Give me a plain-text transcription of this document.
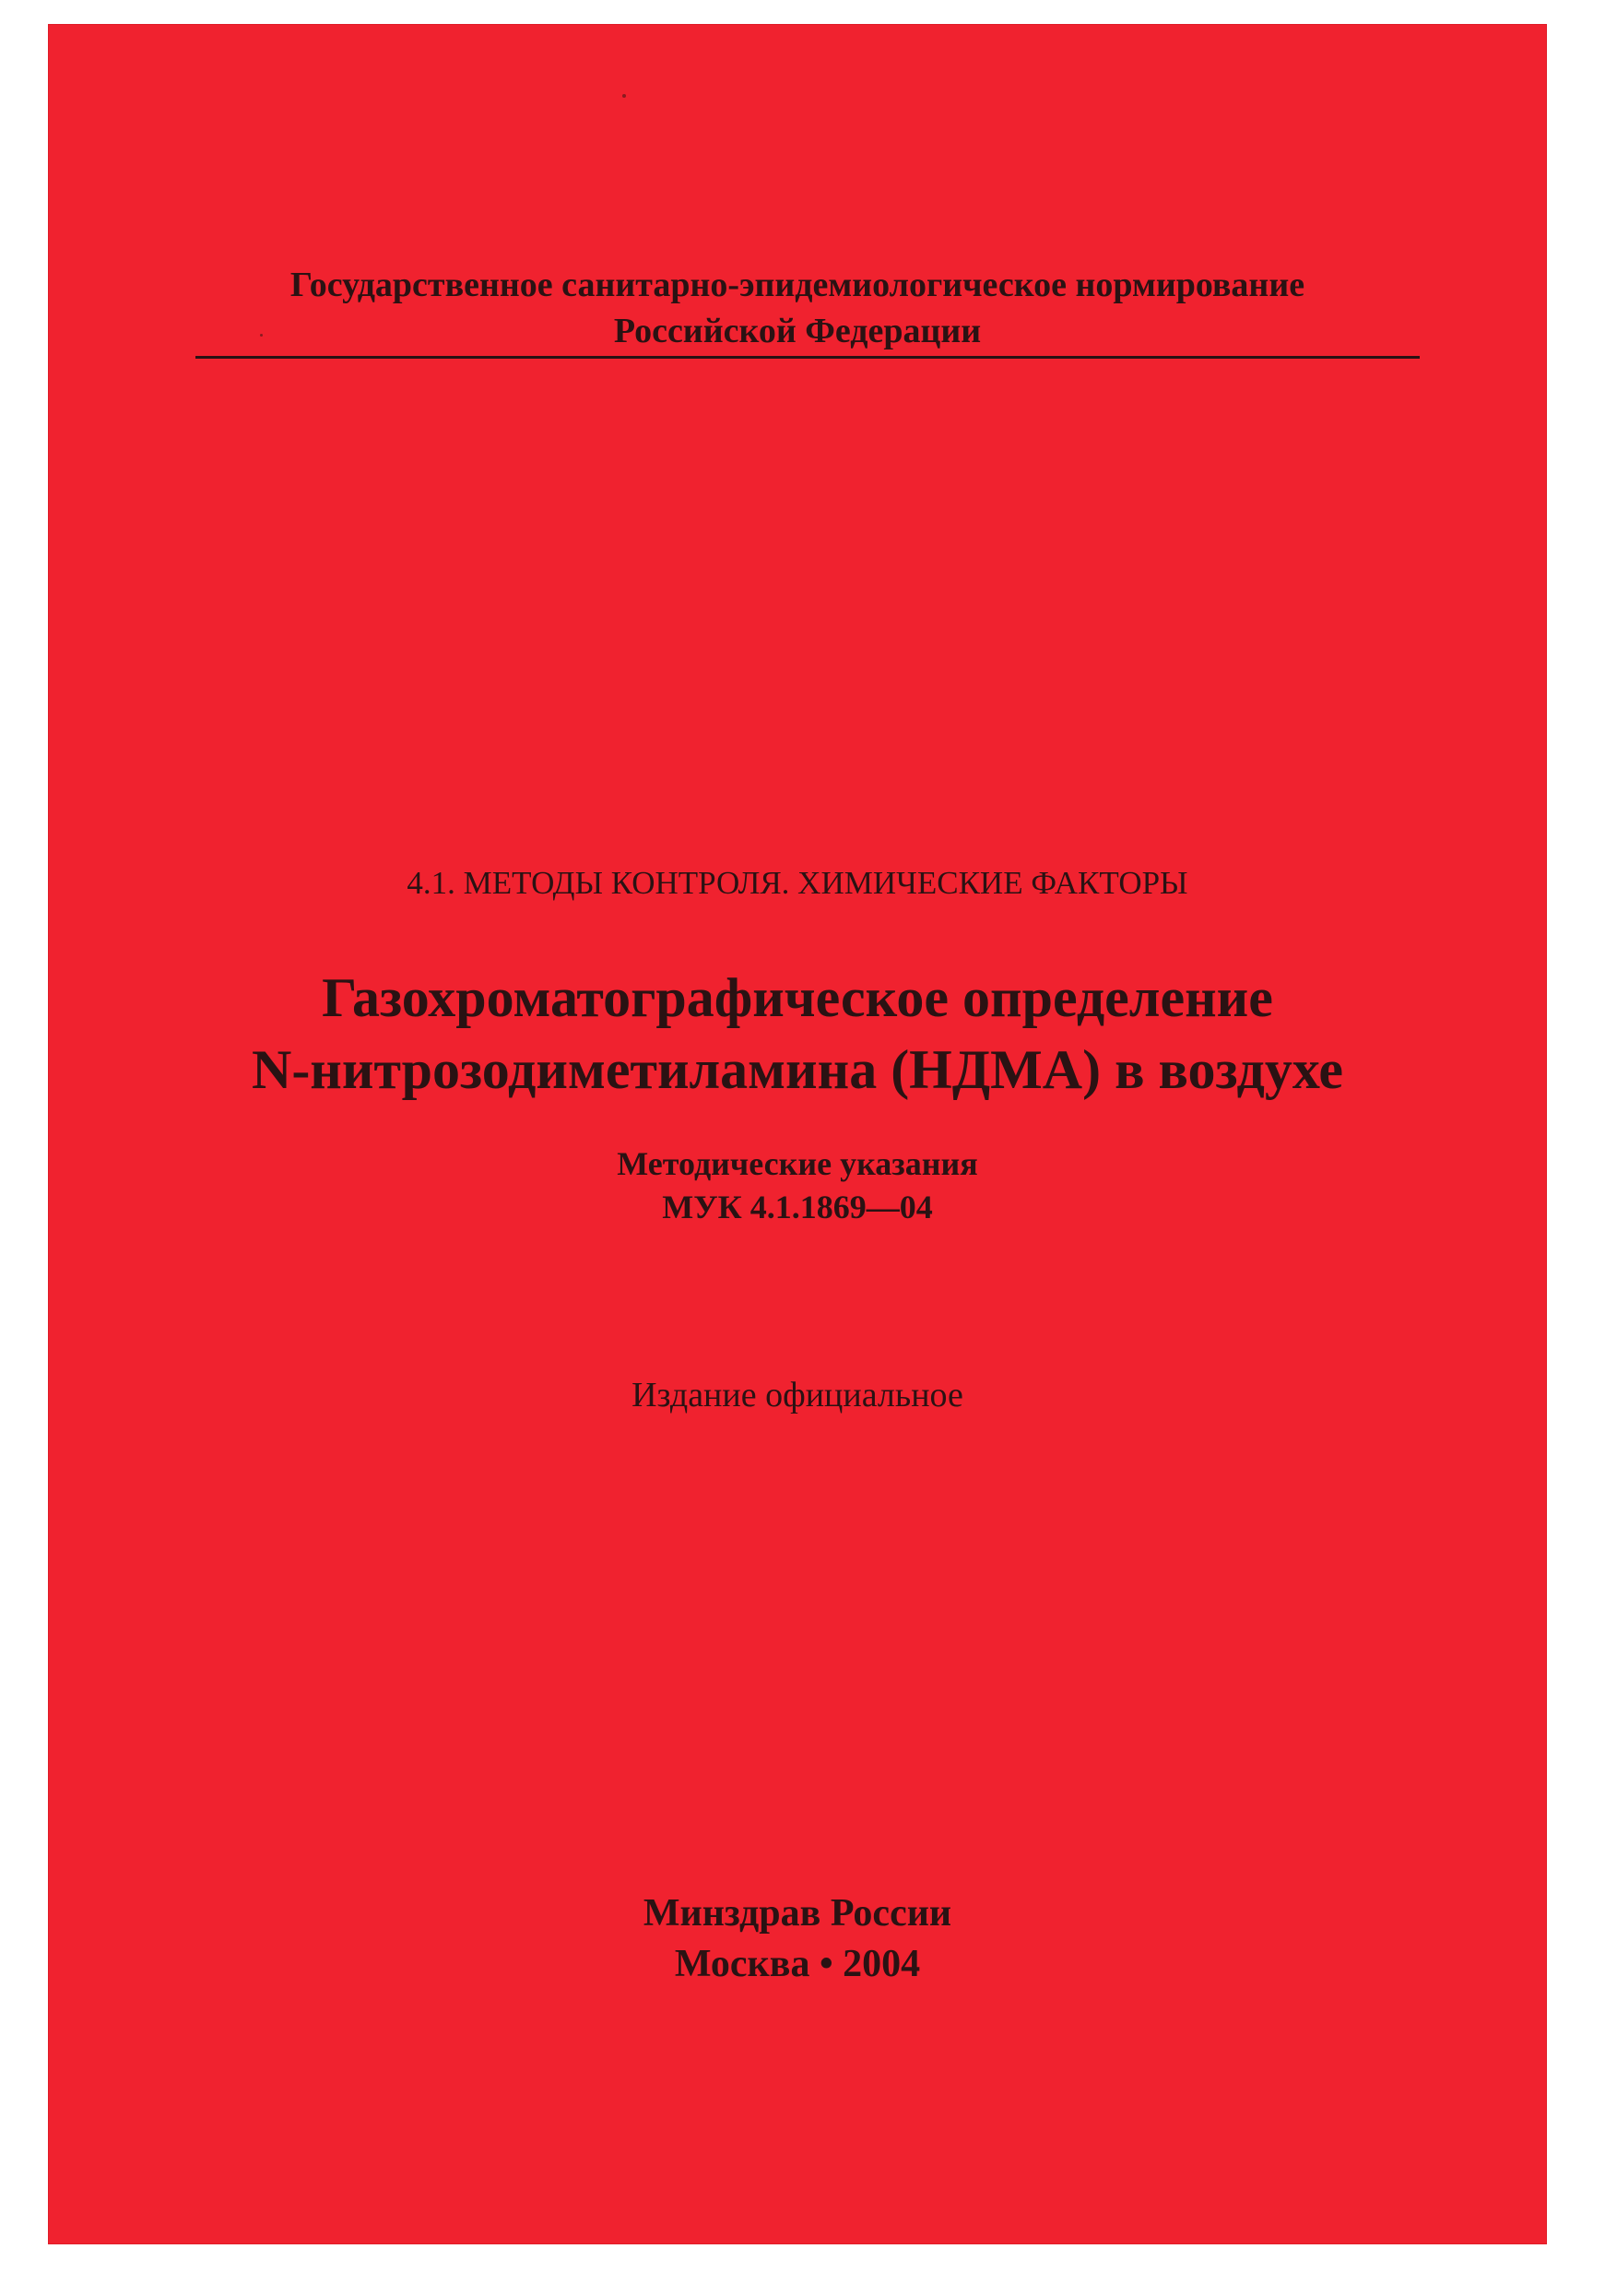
Государственное санитарно-эпидемиологическое нормирование
Российской Федерации
4.1. МЕТОДЫ КОНТРОЛЯ. ХИМИЧЕСКИЕ ФАКТОРЫ
Газохроматографическое определение
N-нитрозодиметиламина (НДМА) в воздухе
Методические указания
МУК 4.1.1869—04
Издание официальное
Минздрав России
Москва • 2004
